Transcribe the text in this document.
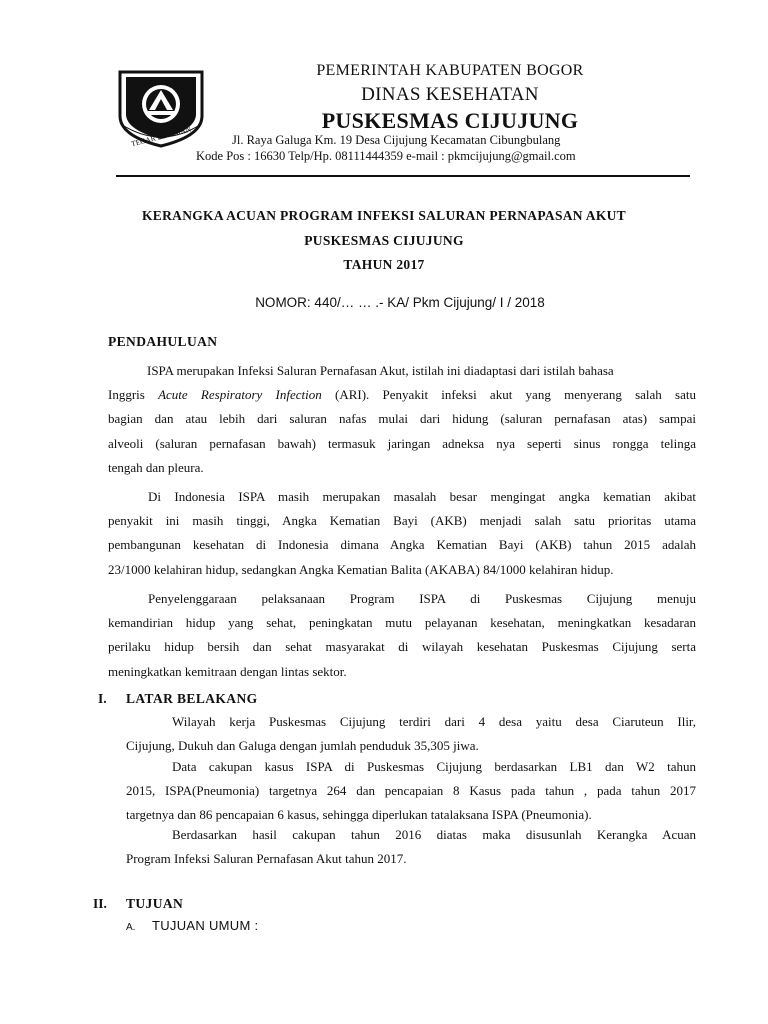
TEGAR BERIMAN
PEMERINTAH KABUPATEN BOGOR
DINAS KESEHATAN
PUSKESMAS CIJUJUNG
Jl. Raya Galuga Km. 19 Desa Cijujung Kecamatan Cibungbulang
Kode Pos : 16630 Telp/Hp. 08111444359 e-mail : pkmcijujung@gmail.com
KERANGKA ACUAN PROGRAM INFEKSI SALURAN PERNAPASAN AKUT
PUSKESMAS CIJUJUNG
TAHUN 2017
NOMOR: 440/… … .- KA/ Pkm Cijujung/ I / 2018
PENDAHULUAN
ISPA merupakan Infeksi Saluran Pernafasan Akut, istilah ini diadaptasi dari istilah bahasa
Inggris Acute Respiratory Infection (ARI). Penyakit infeksi akut yang menyerang salah satu
bagian dan atau lebih dari saluran nafas mulai dari hidung (saluran pernafasan atas) sampai
alveoli (saluran pernafasan bawah) termasuk jaringan adneksa nya seperti sinus rongga telinga
tengah dan pleura.
Di Indonesia ISPA masih merupakan masalah besar mengingat angka kematian akibat
penyakit ini masih tinggi, Angka Kematian Bayi (AKB) menjadi salah satu prioritas utama
pembangunan kesehatan di Indonesia dimana Angka Kematian Bayi (AKB) tahun 2015 adalah
23/1000 kelahiran hidup, sedangkan Angka Kematian Balita (AKABA) 84/1000 kelahiran hidup.
Penyelenggaraan pelaksanaan Program ISPA di Puskesmas Cijujung menuju
kemandirian hidup yang sehat, peningkatan mutu pelayanan kesehatan, meningkatkan kesadaran
perilaku hidup bersih dan sehat masyarakat di wilayah kesehatan Puskesmas Cijujung serta
meningkatkan kemitraan dengan lintas sektor.
I. LATAR BELAKANG
Wilayah kerja Puskesmas Cijujung terdiri dari 4 desa yaitu desa Ciaruteun Ilir,
Cijujung, Dukuh dan Galuga dengan jumlah penduduk 35,305 jiwa.
Data cakupan kasus ISPA di Puskesmas Cijujung berdasarkan LB1 dan W2 tahun
2015, ISPA(Pneumonia) targetnya 264 dan pencapaian 8 Kasus pada tahun , pada tahun 2017
targetnya dan 86 pencapaian 6 kasus, sehingga diperlukan tatalaksana ISPA (Pneumonia).
Berdasarkan hasil cakupan tahun 2016 diatas maka disusunlah Kerangka Acuan
Program Infeksi Saluran Pernafasan Akut tahun 2017.
II. TUJUAN
A. TUJUAN UMUM :
